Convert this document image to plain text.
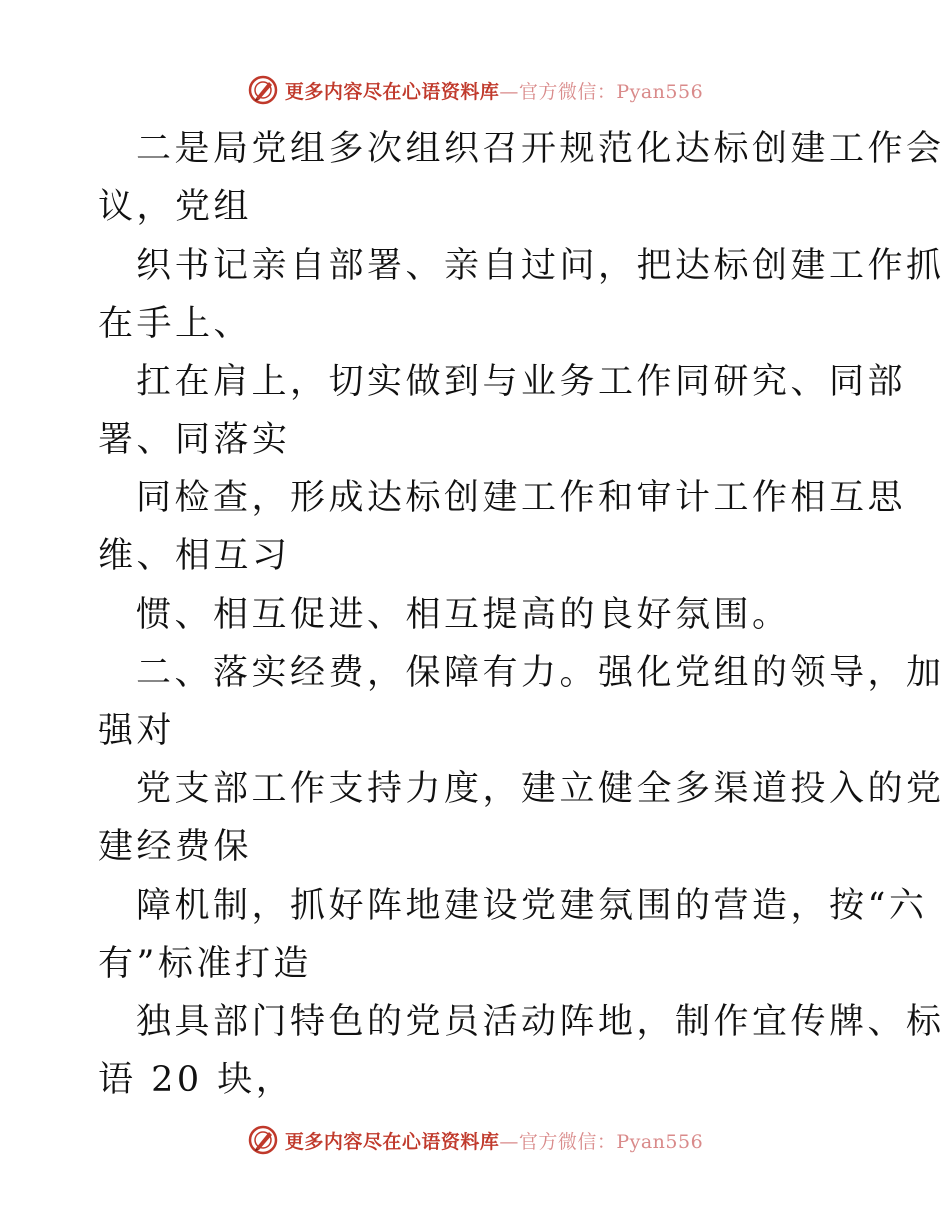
更多内容尽在心语资料库—官方微信：Pyan556
二是局党组多次组织召开规范化达标创建工作会
议，党组
织书记亲自部署、亲自过问，把达标创建工作抓
在手上、
扛在肩上，切实做到与业务工作同研究、同部
署、同落实
同检查，形成达标创建工作和审计工作相互思
维、相互习
惯、相互促进、相互提高的良好氛围。
二、落实经费，保障有力。强化党组的领导，加
强对
党支部工作支持力度，建立健全多渠道投入的党
建经费保
障机制，抓好阵地建设党建氛围的营造，按“六
有”标准打造
独具部门特色的党员活动阵地，制作宜传牌、标
语 20 块，
更多内容尽在心语资料库—官方微信：Pyan556
